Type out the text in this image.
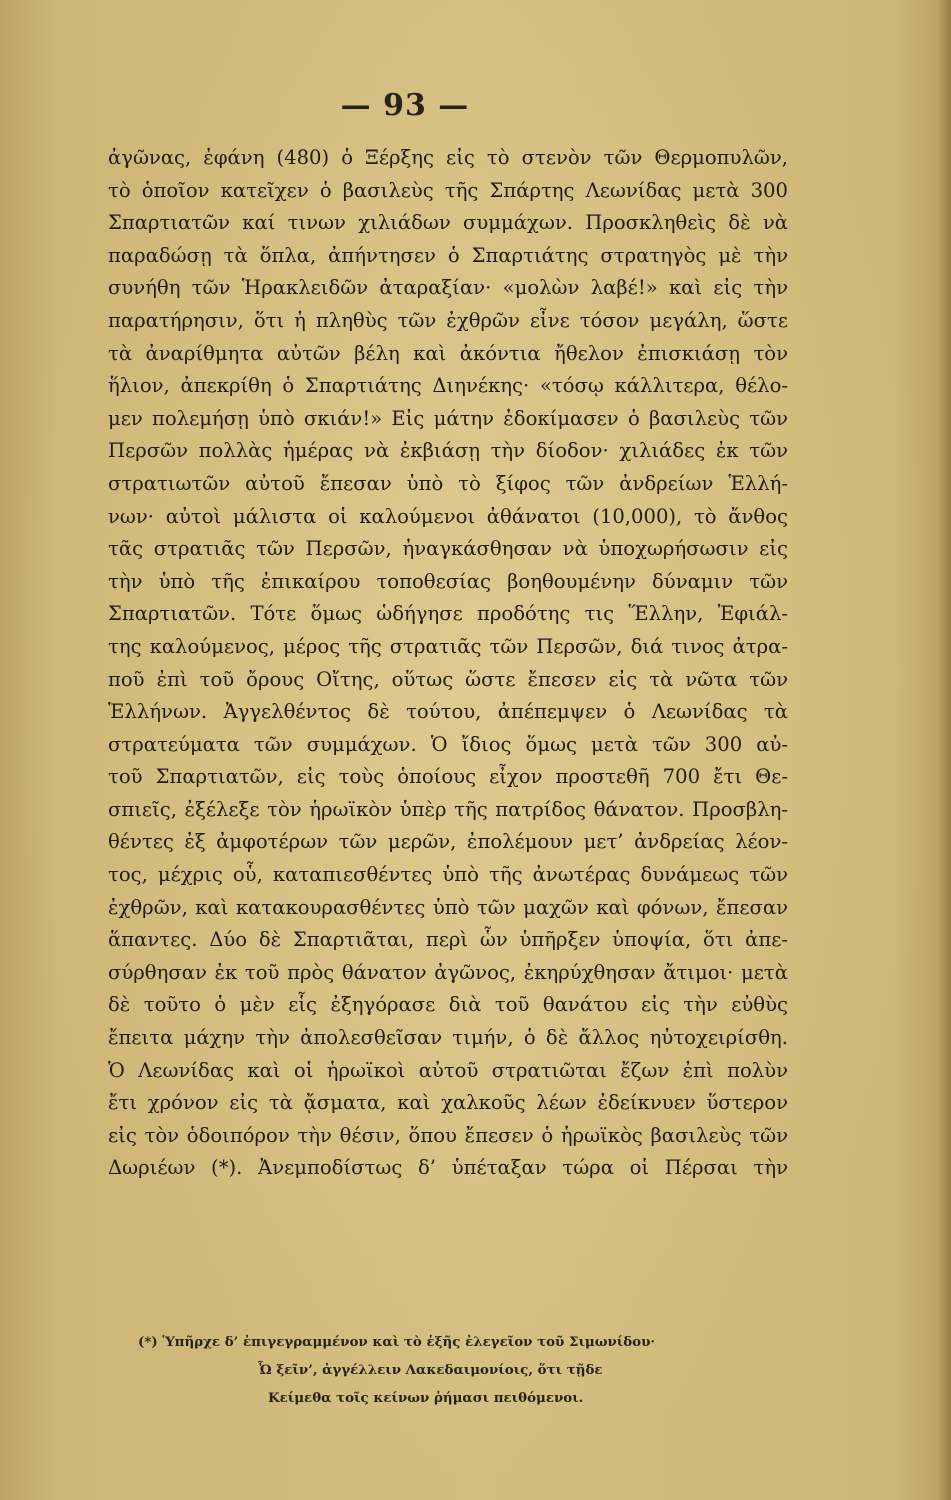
— 93 —
ἀγῶνας, ἐφάνη (480) ὁ Ξέρξης εἰς τὸ στενὸν τῶν Θερμοπυλῶν,
τὸ ὁποῖον κατεῖχεν ὁ βασιλεὺς τῆς Σπάρτης Λεωνίδας μετὰ 300
Σπαρτιατῶν καί τινων χιλιάδων συμμάχων. Προσκληθεὶς δὲ νὰ
παραδώσῃ τὰ ὅπλα, ἀπήντησεν ὁ Σπαρτιάτης στρατηγὸς μὲ τὴν
συνήθη τῶν Ἡρακλειδῶν ἀταραξίαν· «μολὼν λαβέ!» καὶ εἰς τὴν
παρατήρησιν, ὅτι ἡ πληθὺς τῶν ἐχθρῶν εἶνε τόσον μεγάλη, ὥστε
τὰ ἀναρίθμητα αὐτῶν βέλη καὶ ἀκόντια ἤθελον ἐπισκιάσῃ τὸν
ἥλιον, ἀπεκρίθη ὁ Σπαρτιάτης Διηνέκης· «τόσῳ κάλλιτερα, θέλο-
μεν πολεμήσῃ ὑπὸ σκιάν!» Εἰς μάτην ἐδοκίμασεν ὁ βασιλεὺς τῶν
Περσῶν πολλὰς ἡμέρας νὰ ἐκβιάσῃ τὴν δίοδον· χιλιάδες ἐκ τῶν
στρατιωτῶν αὐτοῦ ἔπεσαν ὑπὸ τὸ ξίφος τῶν ἀνδρείων Ἑλλή-
νων· αὐτοὶ μάλιστα οἱ καλούμενοι ἀθάνατοι (10,000), τὸ ἄνθος
τᾶς στρατιᾶς τῶν Περσῶν, ἠναγκάσθησαν νὰ ὑποχωρήσωσιν εἰς
τὴν ὑπὸ τῆς ἐπικαίρου τοποθεσίας βοηθουμένην δύναμιν τῶν
Σπαρτιατῶν. Τότε ὅμως ὡδήγησε προδότης τις Ἕλλην, Ἐφιάλ-
της καλούμενος, μέρος τῆς στρατιᾶς τῶν Περσῶν, διά τινος ἀτρα-
ποῦ ἐπὶ τοῦ ὄρους Οἴτης, οὕτως ὥστε ἔπεσεν εἰς τὰ νῶτα τῶν
Ἑλλήνων. Ἀγγελθέντος δὲ τούτου, ἀπέπεμψεν ὁ Λεωνίδας τὰ
στρατεύματα τῶν συμμάχων. Ὁ ἴδιος ὅμως μετὰ τῶν 300 αὐ-
τοῦ Σπαρτιατῶν, εἰς τοὺς ὁποίους εἶχον προστεθῆ 700 ἔτι Θε-
σπιεῖς, ἐξέλεξε τὸν ἡρωϊκὸν ὑπὲρ τῆς πατρίδος θάνατον. Προσβλη-
θέντες ἐξ ἀμφοτέρων τῶν μερῶν, ἐπολέμουν μετ’ ἀνδρείας λέον-
τος, μέχρις οὗ, καταπιεσθέντες ὑπὸ τῆς ἀνωτέρας δυνάμεως τῶν
ἐχθρῶν, καὶ κατακουρασθέντες ὑπὸ τῶν μαχῶν καὶ φόνων, ἔπεσαν
ἅπαντες. Δύο δὲ Σπαρτιᾶται, περὶ ὧν ὑπῆρξεν ὑποψία, ὅτι ἀπε-
σύρθησαν ἐκ τοῦ πρὸς θάνατον ἀγῶνος, ἐκηρύχθησαν ἄτιμοι· μετὰ
δὲ τοῦτο ὁ μὲν εἷς ἐξηγόρασε διὰ τοῦ θανάτου εἰς τὴν εὐθὺς
ἔπειτα μάχην τὴν ἀπολεσθεῖσαν τιμήν, ὁ δὲ ἄλλος ηὐτοχειρίσθη.
Ὁ Λεωνίδας καὶ οἱ ἡρωϊκοὶ αὐτοῦ στρατιῶται ἔζων ἐπὶ πολὺν
ἔτι χρόνον εἰς τὰ ᾄσματα, καὶ χαλκοῦς λέων ἐδείκνυεν ὕστερον
εἰς τὸν ὁδοιπόρον τὴν θέσιν, ὅπου ἔπεσεν ὁ ἡρωϊκὸς βασιλεὺς τῶν
Δωριέων (*). Ἀνεμποδίστως δ’ ὑπέταξαν τώρα οἱ Πέρσαι τὴν
(*) Ὑπῆρχε δ’ ἐπιγεγραμμένον καὶ τὸ ἑξῆς ἐλεγεῖον τοῦ Σιμωνίδου·
Ὦ ξεῖν’, ἀγγέλλειν Λακεδαιμονίοις, ὅτι τῇδε
Κείμεθα τοῖς κείνων ῥήμασι πειθόμενοι.
